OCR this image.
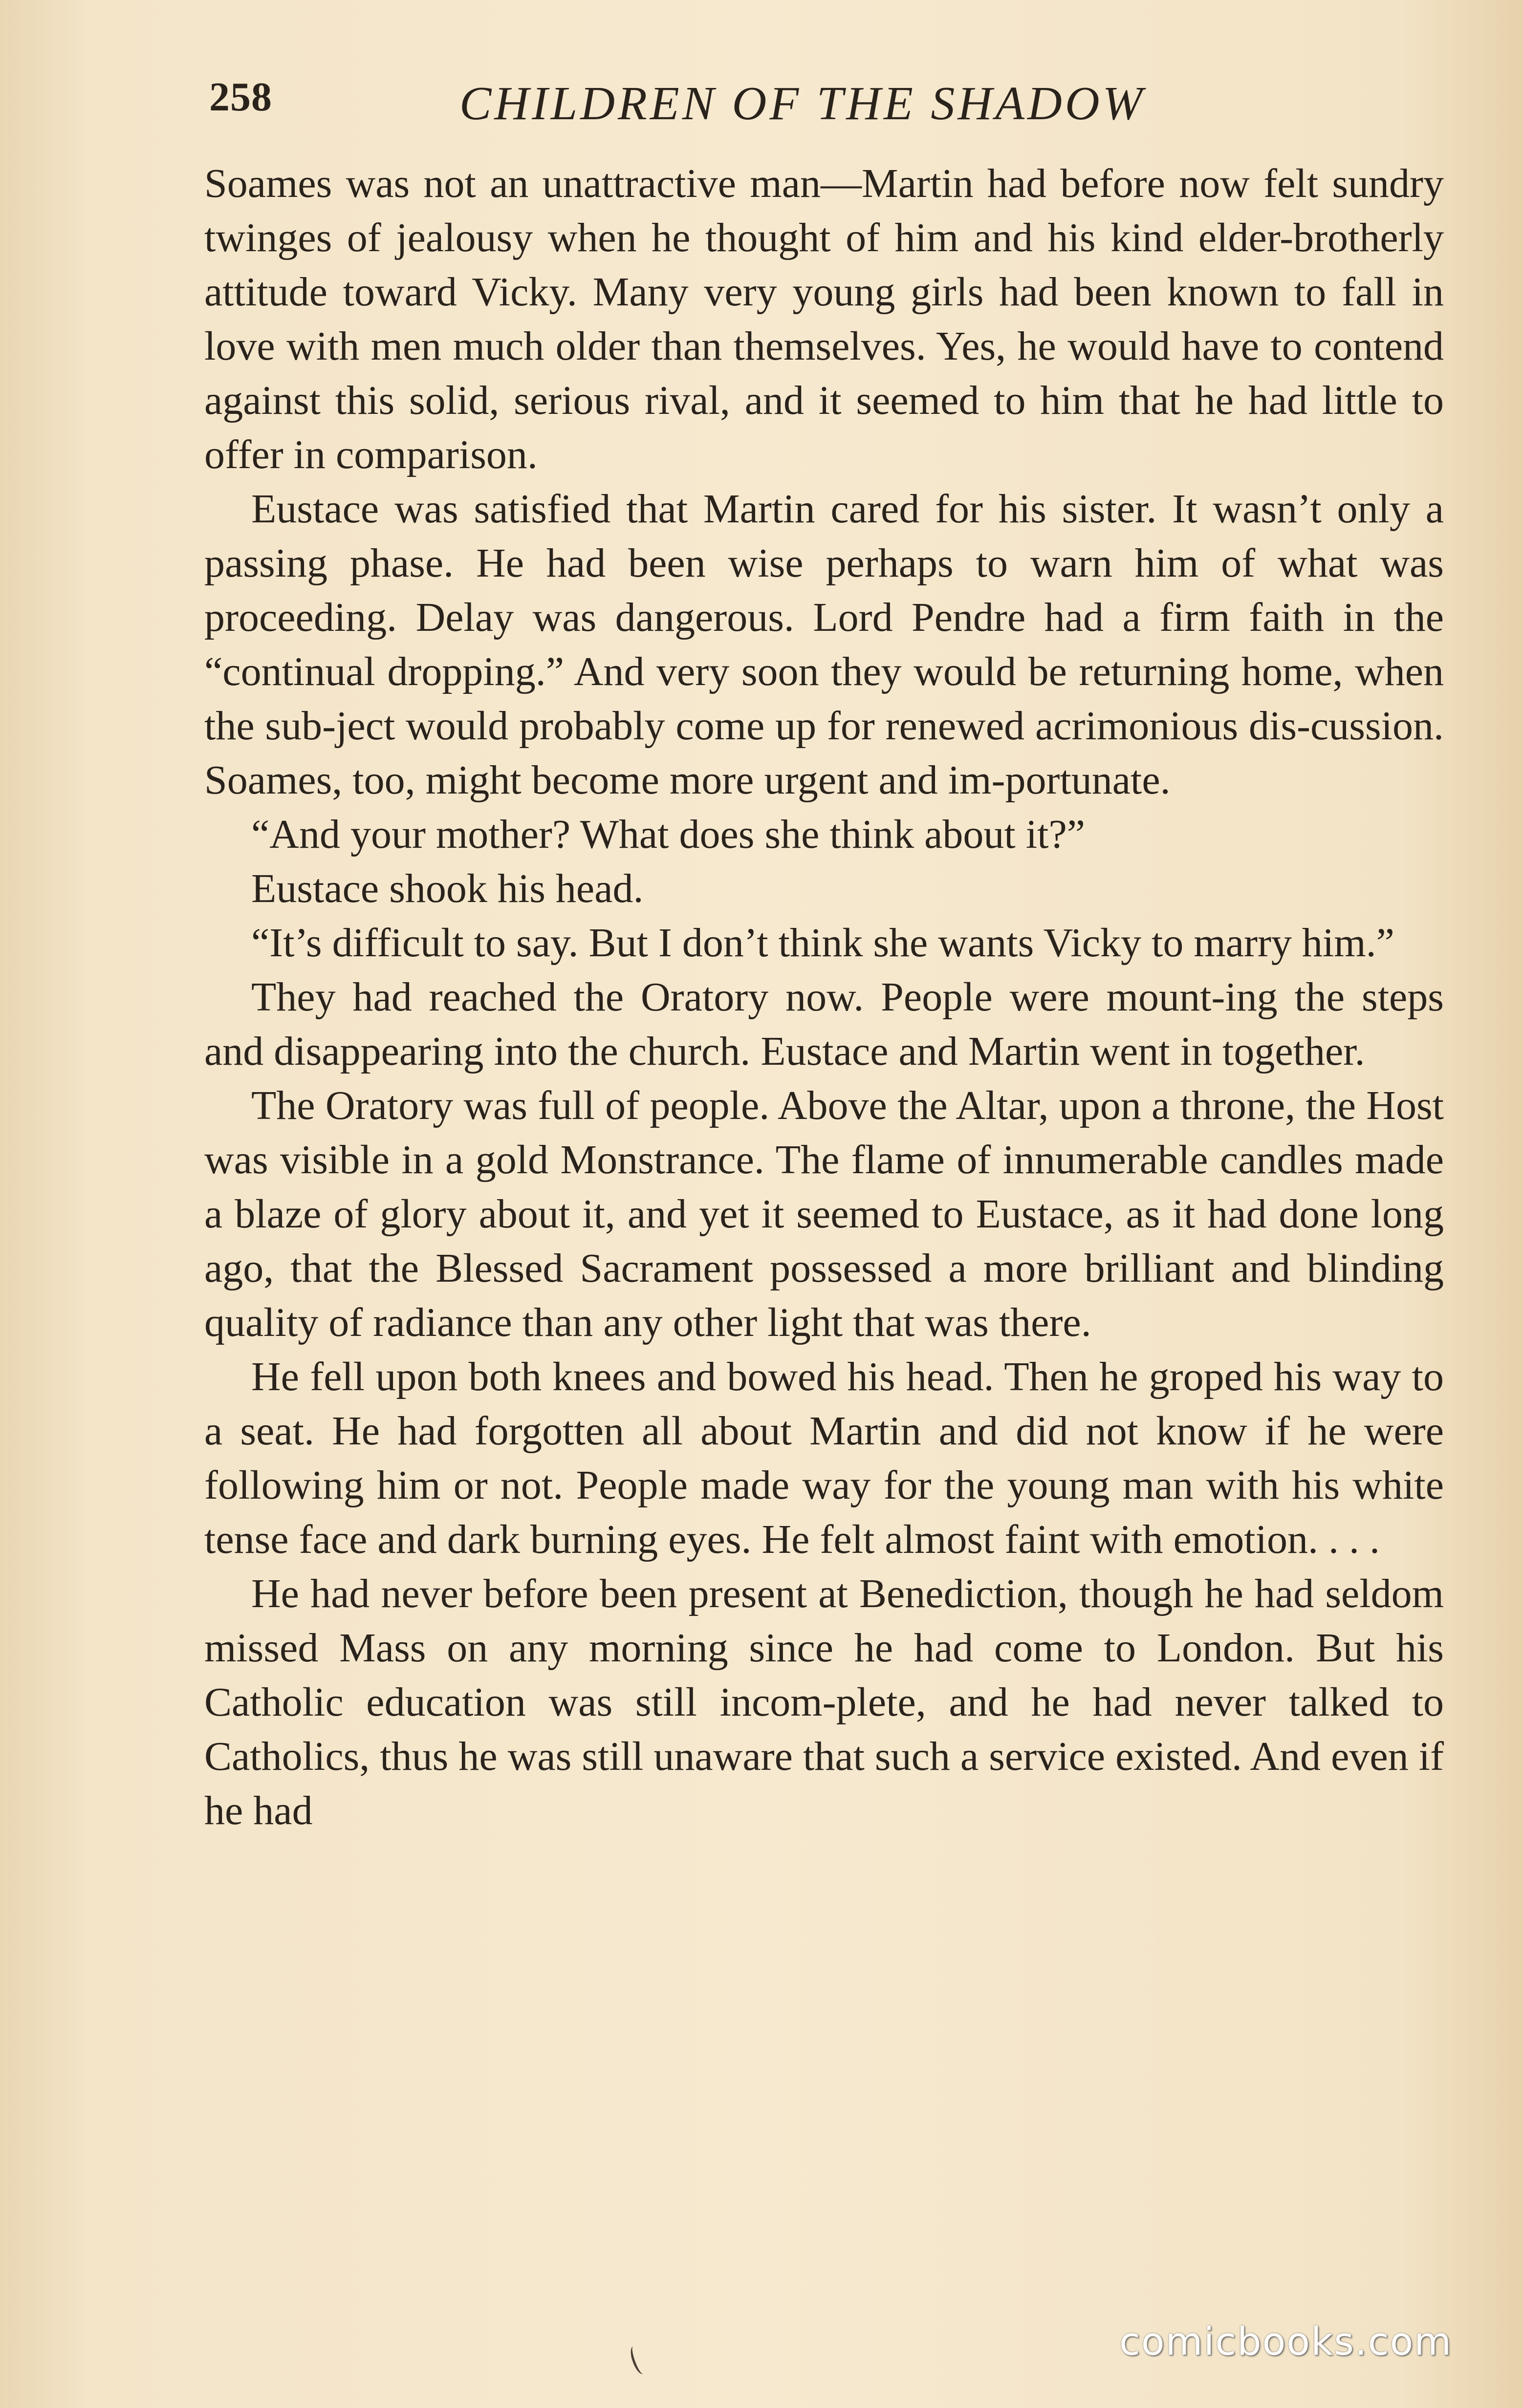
258	CHILDREN OF THE SHADOW

Soames was not an unattractive man—Martin had before now felt sundry twinges of jealousy when he thought of him and his kind elder-brotherly attitude toward Vicky. Many very young girls had been known to fall in love with men much older than themselves. Yes, he would have to contend against this solid, serious rival, and it seemed to him that he had little to offer in comparison.

Eustace was satisfied that Martin cared for his sister. It wasn’t only a passing phase. He had been wise perhaps to warn him of what was proceeding. Delay was dangerous. Lord Pendre had a firm faith in the “continual dropping.” And very soon they would be returning home, when the sub-ject would probably come up for renewed acrimonious dis-cussion. Soames, too, might become more urgent and im-portunate.

“And your mother? What does she think about it?”

Eustace shook his head.

“It’s difficult to say. But I don’t think she wants Vicky to marry him.”

They had reached the Oratory now. People were mount-ing the steps and disappearing into the church. Eustace and Martin went in together.

The Oratory was full of people. Above the Altar, upon a throne, the Host was visible in a gold Monstrance. The flame of innumerable candles made a blaze of glory about it, and yet it seemed to Eustace, as it had done long ago, that the Blessed Sacrament possessed a more brilliant and blinding quality of radiance than any other light that was there.

He fell upon both knees and bowed his head. Then he groped his way to a seat. He had forgotten all about Martin and did not know if he were following him or not. People made way for the young man with his white tense face and dark burning eyes. He felt almost faint with emotion. . . .

He had never before been present at Benediction, though he had seldom missed Mass on any morning since he had come to London. But his Catholic education was still incom-plete, and he had never talked to Catholics, thus he was still unaware that such a service existed. And even if he had

comicbooks.com
